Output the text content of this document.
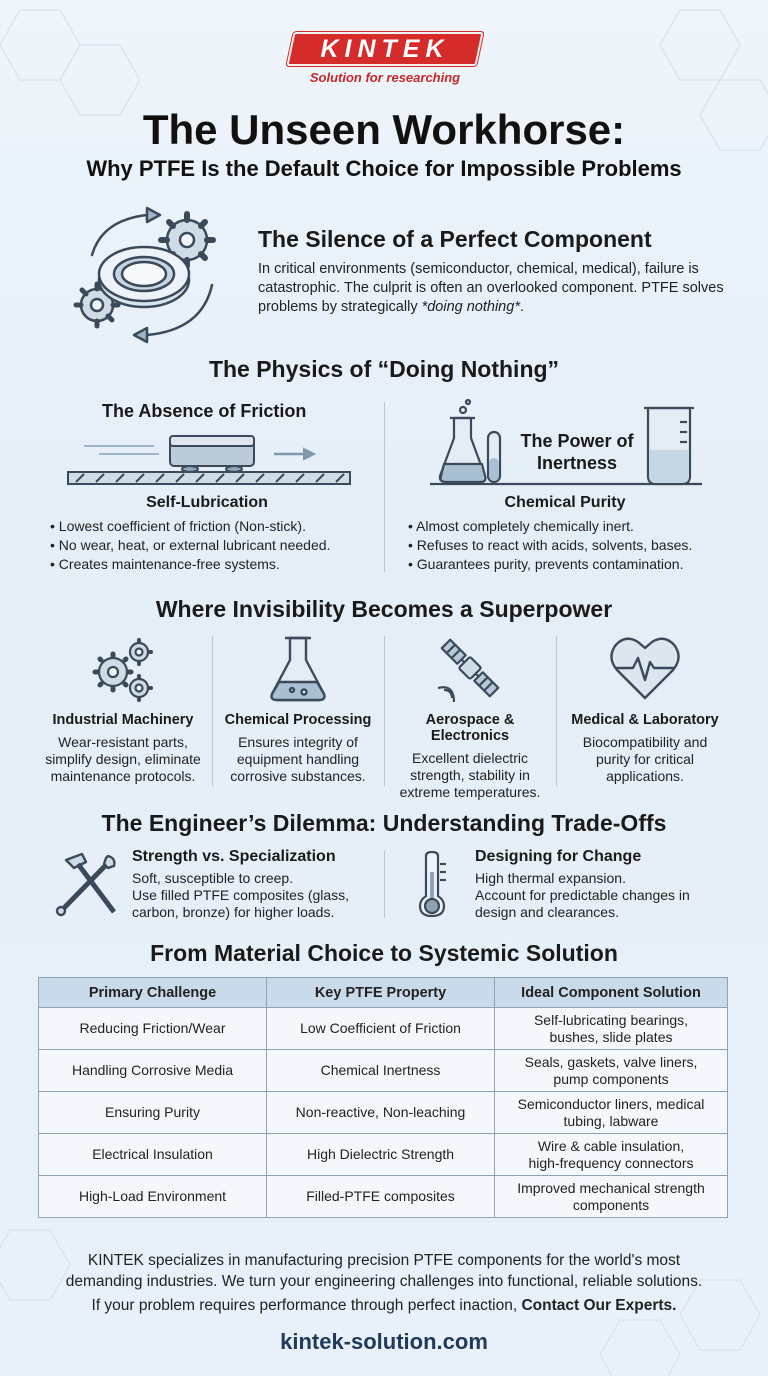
KINTEK
Solution for researching
The Unseen Workhorse:
Why PTFE Is the Default Choice for Impossible Problems
The Silence of a Perfect Component
In critical environments (semiconductor, chemical, medical), failure is catastrophic. The culprit is often an overlooked component. PTFE solves problems by strategically *doing nothing*.
The Physics of “Doing Nothing”
The Absence of Friction
The Power of
Inertness
Self-Lubrication
• Lowest coefficient of friction (Non-stick).
• No wear, heat, or external lubricant needed.
• Creates maintenance-free systems.
Chemical Purity
• Almost completely chemically inert.
• Refuses to react with acids, solvents, bases.
• Guarantees purity, prevents contamination.
Where Invisibility Becomes a Superpower
Industrial Machinery
Wear-resistant parts,
simplify design, eliminate
maintenance protocols.
Chemical Processing
Ensures integrity of
equipment handling
corrosive substances.
Aerospace & Electronics
Excellent dielectric
strength, stability in
extreme temperatures.
Medical & Laboratory
Biocompatibility and
purity for critical
applications.
The Engineer’s Dilemma: Understanding Trade-Offs
Strength vs. Specialization
Soft, susceptible to creep.
Use filled PTFE composites (glass,
carbon, bronze) for higher loads.
Designing for Change
High thermal expansion.
Account for predictable changes in
design and clearances.
From Material Choice to Systemic Solution
Primary Challenge	Key PTFE Property	Ideal Component Solution
Reducing Friction/Wear	Low Coefficient of Friction	Self-lubricating bearings,
bushes, slide plates

Handling Corrosive Media	Chemical Inertness	Seals, gaskets, valve liners,
pump components

Ensuring Purity	Non-reactive, Non-leaching	Semiconductor liners, medical
tubing, labware

Electrical Insulation	High Dielectric Strength	Wire & cable insulation,
high-frequency connectors

High-Load Environment	Filled-PTFE composites	Improved mechanical strength
components
KINTEK specializes in manufacturing precision PTFE components for the world's most
demanding industries. We turn your engineering challenges into functional, reliable solutions.
If your problem requires performance through perfect inaction, Contact Our Experts.
kintek-solution.com
